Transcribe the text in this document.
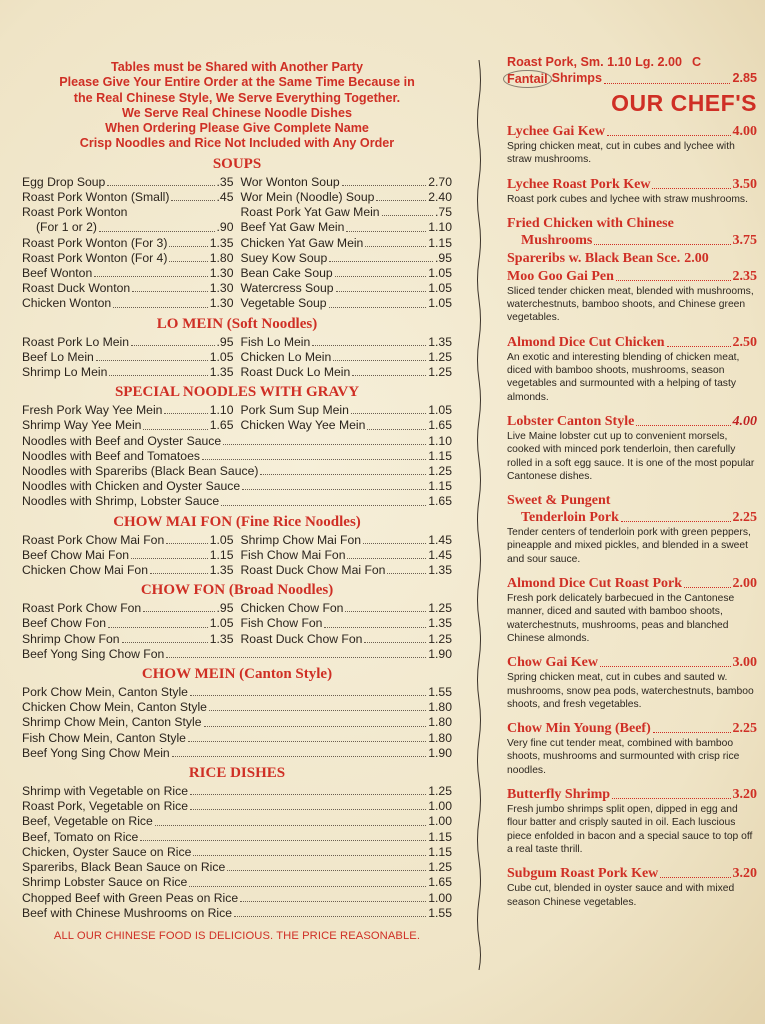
Tables must be Shared with Another Party
Please Give Your Entire Order at the Same Time Because in
the Real Chinese Style, We Serve Everything Together.
We Serve Real Chinese Noodle Dishes
When Ordering Please Give Complete Name
Crisp Noodles and Rice Not Included with Any Order
SOUPS
Egg Drop Soup	.35
Roast Pork Wonton (Small)	.45
Roast Pork Wonton
(For 1 or 2)	.90
Roast Pork Wonton (For 3)	1.35
Roast Pork Wonton (For 4)	1.80
Beef Wonton	1.30
Roast Duck Wonton	1.30
Chicken Wonton	1.30
Wor Wonton Soup	2.70
Wor Mein (Noodle) Soup	2.40
Roast Pork Yat Gaw Mein	.75
Beef Yat Gaw Mein	1.10
Chicken Yat Gaw Mein	1.15
Suey Kow Soup	.95
Bean Cake Soup	1.05
Watercress Soup	1.05
Vegetable Soup	1.05
LO MEIN (Soft Noodles)
Roast Pork Lo Mein	.95
Beef Lo Mein	1.05
Shrimp Lo Mein	1.35
Fish Lo Mein	1.35
Chicken Lo Mein	1.25
Roast Duck Lo Mein	1.25
SPECIAL NOODLES WITH GRAVY
Fresh Pork Way Yee Mein	1.10
Shrimp Way Yee Mein	1.65
Pork Sum Sup Mein	1.05
Chicken Way Yee Mein	1.65
Noodles with Beef and Oyster Sauce	1.10
Noodles with Beef and Tomatoes	1.15
Noodles with Spareribs (Black Bean Sauce)	1.25
Noodles with Chicken and Oyster Sauce	1.15
Noodles with Shrimp, Lobster Sauce	1.65
CHOW MAI FON (Fine Rice Noodles)
Roast Pork Chow Mai Fon	1.05
Beef Chow Mai Fon	1.15
Chicken Chow Mai Fon	1.35
Shrimp Chow Mai Fon	1.45
Fish Chow Mai Fon	1.45
Roast Duck Chow Mai Fon	1.35
CHOW FON (Broad Noodles)
Roast Pork Chow Fon	.95
Beef Chow Fon	1.05
Shrimp Chow Fon	1.35
Chicken Chow Fon	1.25
Fish Chow Fon	1.35
Roast Duck Chow Fon	1.25
Beef Yong Sing Chow Fon	1.90
CHOW MEIN (Canton Style)
Pork Chow Mein, Canton Style	1.55
Chicken Chow Mein, Canton Style	1.80
Shrimp Chow Mein, Canton Style	1.80
Fish Chow Mein, Canton Style	1.80
Beef Yong Sing Chow Mein	1.90
RICE DISHES
Shrimp with Vegetable on Rice	1.25
Roast Pork, Vegetable on Rice	1.00
Beef, Vegetable on Rice	1.00
Beef, Tomato on Rice	1.15
Chicken, Oyster Sauce on Rice	1.15
Spareribs, Black Bean Sauce on Rice	1.25
Shrimp Lobster Sauce on Rice	1.65
Chopped Beef with Green Peas on Rice	1.00
Beef with Chinese Mushrooms on Rice	1.55
ALL OUR CHINESE FOOD IS DELICIOUS. THE PRICE REASONABLE.
Roast Pork, Sm. 1.10 Lg. 2.00 C
Fantail Shrimps	2.85
OUR CHEF'S
Lychee Gai Kew	4.00
Spring chicken meat, cut in cubes and lychee with straw mushrooms.
Lychee Roast Pork Kew	3.50
Roast pork cubes and lychee with straw mushrooms.
Fried Chicken with Chinese
Mushrooms	3.75
Spareribs w. Black Bean Sce. 2.00
Moo Goo Gai Pen	2.35
Sliced tender chicken meat, blended with mushrooms, waterchestnuts, bamboo shoots, and Chinese green vegetables.
Almond Dice Cut Chicken	2.50
An exotic and interesting blending of chicken meat, diced with bamboo shoots, mushrooms, season vegetables and surmounted with a helping of tasty almonds.
Lobster Canton Style	4.00
Live Maine lobster cut up to convenient morsels, cooked with minced pork tenderloin, then carefully rolled in a soft egg sauce. It is one of the most popular Cantonese dishes.
Sweet & Pungent
Tenderloin Pork	2.25
Tender centers of tenderloin pork with green peppers, pineapple and mixed pickles, and blended in a sweet and sour sauce.
Almond Dice Cut Roast Pork	2.00
Fresh pork delicately barbecued in the Cantonese manner, diced and sauted with bamboo shoots, waterchestnuts, mushrooms, peas and blanched Chinese almonds.
Chow Gai Kew	3.00
Spring chicken meat, cut in cubes and sauted w. mushrooms, snow pea pods, waterchestnuts, bamboo shoots, and fresh vegetables.
Chow Min Young (Beef)	2.25
Very fine cut tender meat, combined with bamboo shoots, mushrooms and surmounted with crisp rice noodles.
Butterfly Shrimp	3.20
Fresh jumbo shrimps split open, dipped in egg and flour batter and crisply sauted in oil. Each luscious piece enfolded in bacon and a special sauce to top off a real taste thrill.
Subgum Roast Pork Kew	3.20
Cube cut, blended in oyster sauce and with mixed season Chinese vegetables.
